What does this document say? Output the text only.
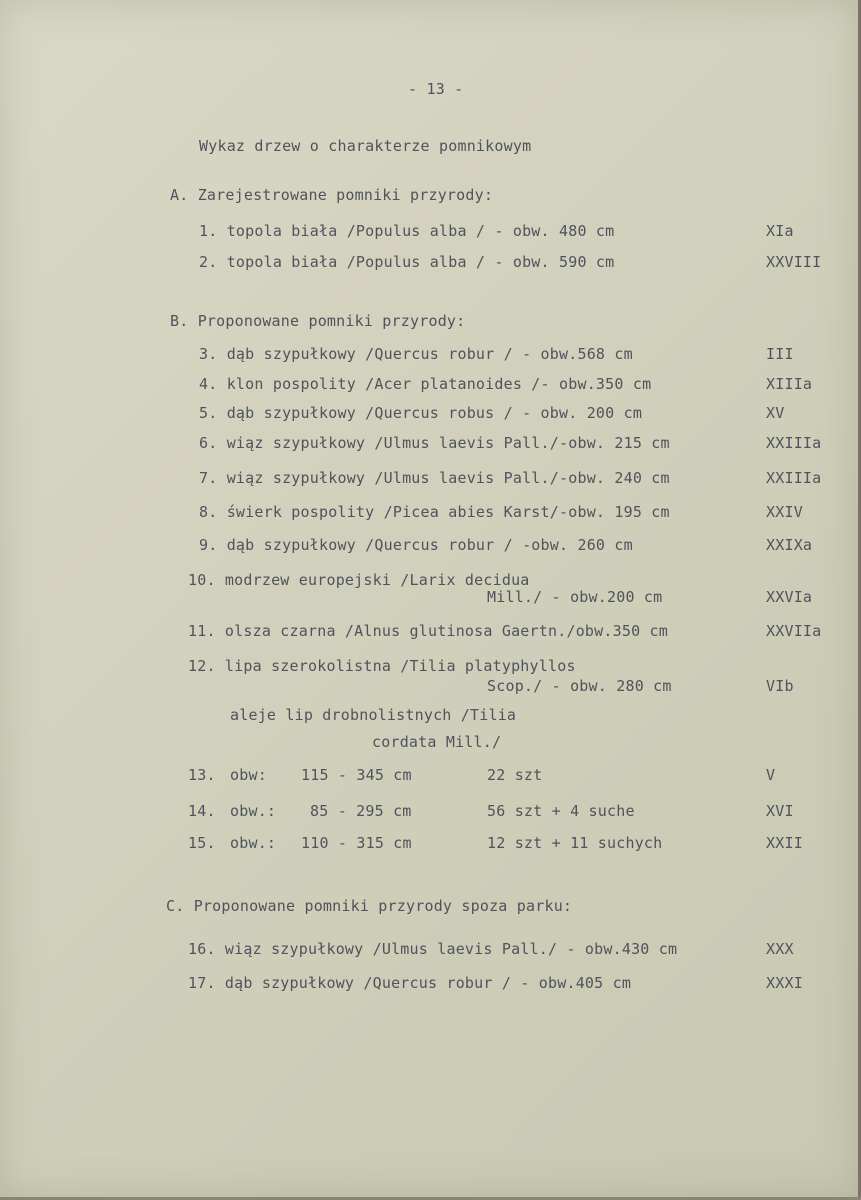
- 13 -
Wykaz drzew o charakterze pomnikowym
A. Zarejestrowane pomniki przyrody:
1. topola biała /Populus alba / - obw. 480 cm	XIa
2. topola biała /Populus alba / - obw. 590 cm	XXVIII
B. Proponowane pomniki przyrody:
3. dąb szypułkowy /Quercus robur / - obw.568 cm	III
4. klon pospolity /Acer platanoides /- obw.350 cm	XIIIa
5. dąb szypułkowy /Quercus robus / - obw. 200 cm	XV
6. wiąz szypułkowy /Ulmus laevis Pall./-obw. 215 cm	XXIIIa
7. wiąz szypułkowy /Ulmus laevis Pall./-obw. 240 cm	XXIIIa
8. świerk pospolity /Picea abies Karst/-obw. 195 cm	XXIV
9. dąb szypułkowy /Quercus robur / -obw. 260 cm	XXIXa
10. modrzew europejski /Larix decidua
Mill./ - obw.200 cm	XXVIa
11. olsza czarna /Alnus glutinosa Gaertn./obw.350 cm	XXVIIa
12. lipa szerokolistna /Tilia platyphyllos
Scop./ - obw. 280 cm	VIb
aleje lip drobnolistnych /Tilia
cordata Mill./
13. obw: 115 - 345 cm	22 szt	V
14. obw.: 85 - 295 cm	56 szt + 4 suche	XVI
15. obw.: 110 - 315 cm	12 szt + 11 suchych	XXII
C. Proponowane pomniki przyrody spoza parku:
16. wiąz szypułkowy /Ulmus laevis Pall./ - obw.430 cm	XXX
17. dąb szypułkowy /Quercus robur / - obw.405 cm	XXXI
